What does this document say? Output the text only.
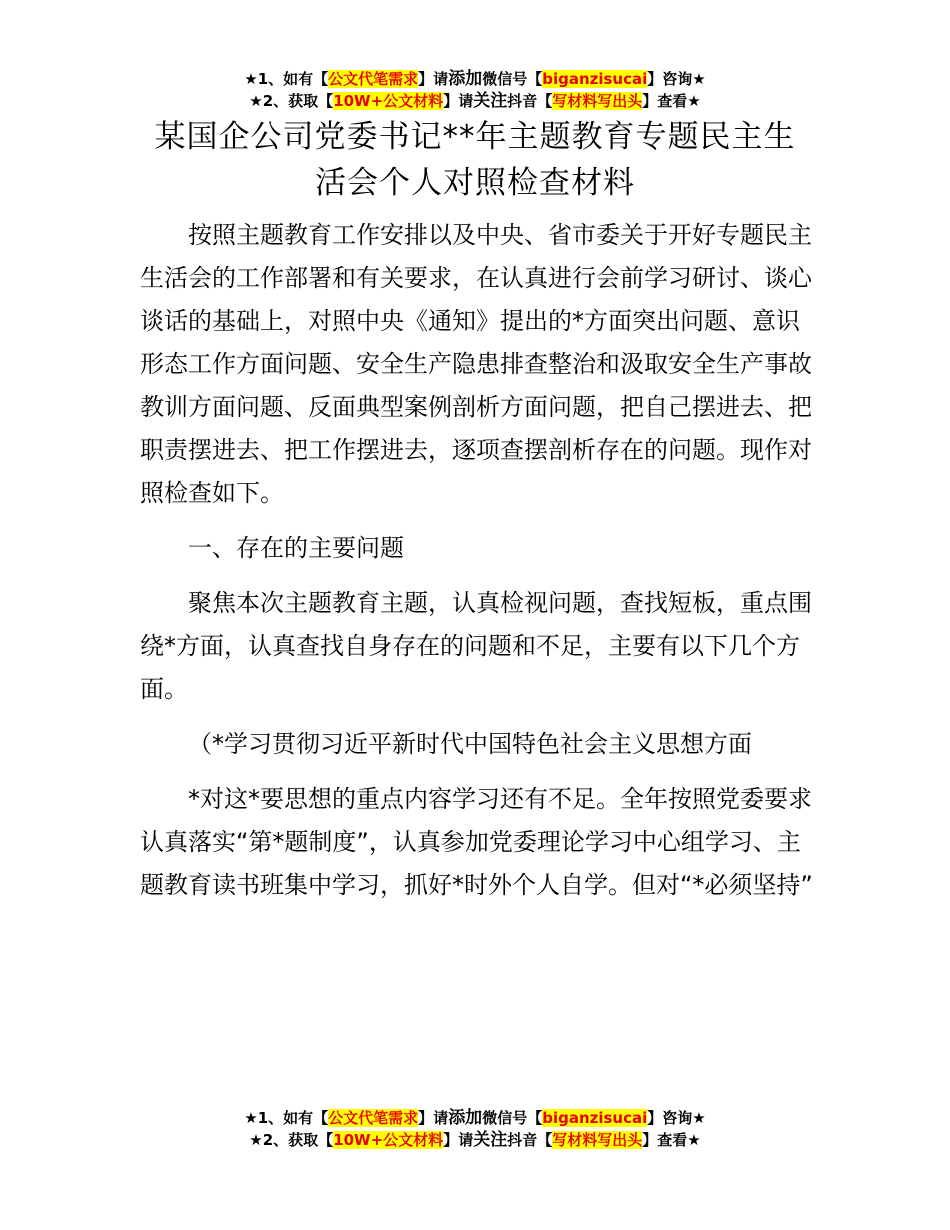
★1、如有【公文代笔需求】请添加微信号【biganzisucai】咨询★
★2、获取【10W+公文材料】请关注抖音【写材料写出头】查看★
某国企公司党委书记**年主题教育专题民主生
活会个人对照检查材料

按照主题教育工作安排以及中央、省市委关于开好专题民主生活会的工作部署和有关要求，在认真进行会前学习研讨、谈心谈话的基础上，对照中央《通知》提出的*方面突出问题、意识形态工作方面问题、安全生产隐患排查整治和汲取安全生产事故教训方面问题、反面典型案例剖析方面问题，把自己摆进去、把职责摆进去、把工作摆进去，逐项查摆剖析存在的问题。现作对照检查如下。

一、存在的主要问题

聚焦本次主题教育主题，认真检视问题，查找短板，重点围绕*方面，认真查找自身存在的问题和不足，主要有以下几个方面。

（*学习贯彻习近平新时代中国特色社会主义思想方面

*对这*要思想的重点内容学习还有不足。全年按照党委要求认真落实“第*题制度”，认真参加党委理论学习中心组学习、主题教育读书班集中学习，抓好*时外个人自学。但对“*必须坚持”

★1、如有【公文代笔需求】请添加微信号【biganzisucai】咨询★
★2、获取【10W+公文材料】请关注抖音【写材料写出头】查看★
